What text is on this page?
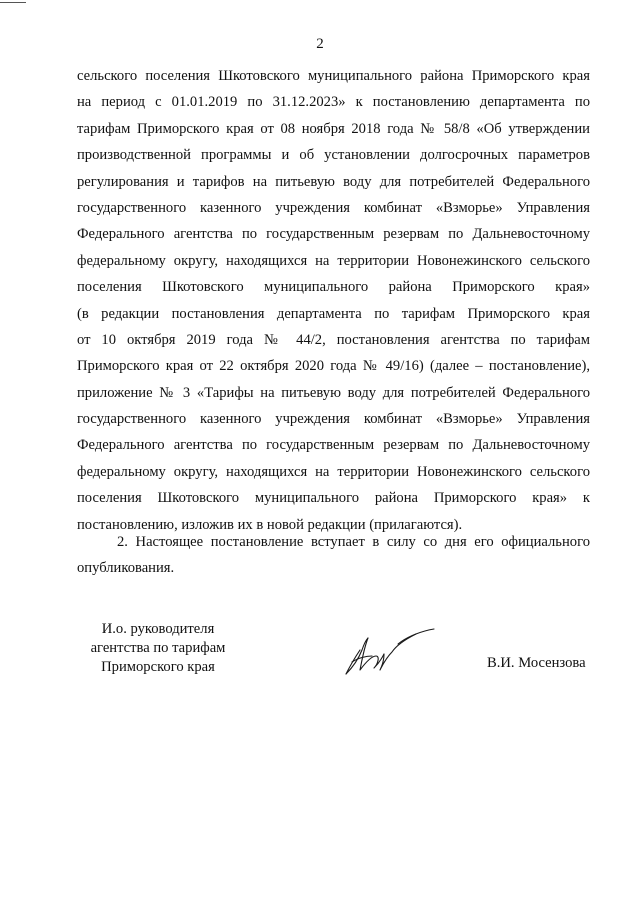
2
сельского поселения Шкотовского муниципального района Приморского края
на период с 01.01.2019 по 31.12.2023» к постановлению департамента по
тарифам Приморского края от 08 ноября 2018 года № 58/8 «Об утверждении
производственной программы и об установлении долгосрочных параметров
регулирования и тарифов на питьевую воду для потребителей Федерального
государственного казенного учреждения комбинат «Взморье» Управления
Федерального агентства по государственным резервам по Дальневосточному
федеральному округу, находящихся на территории Новонежинского сельского
поселения Шкотовского муниципального района Приморского края»
(в редакции постановления департамента по тарифам Приморского края
от 10 октября 2019 года № 44/2, постановления агентства по тарифам
Приморского края от 22 октября 2020 года № 49/16) (далее – постановление),
приложение № 3 «Тарифы на питьевую воду для потребителей Федерального
государственного казенного учреждения комбинат «Взморье» Управления
Федерального агентства по государственным резервам по Дальневосточному
федеральному округу, находящихся на территории Новонежинского сельского
поселения Шкотовского муниципального района Приморского края» к
постановлению, изложив их в новой редакции (прилагаются).
2. Настоящее постановление вступает в силу со дня его официального
опубликования.
И.о. руководителя
агентства по тарифам
Приморского края	В.И. Мосензова
